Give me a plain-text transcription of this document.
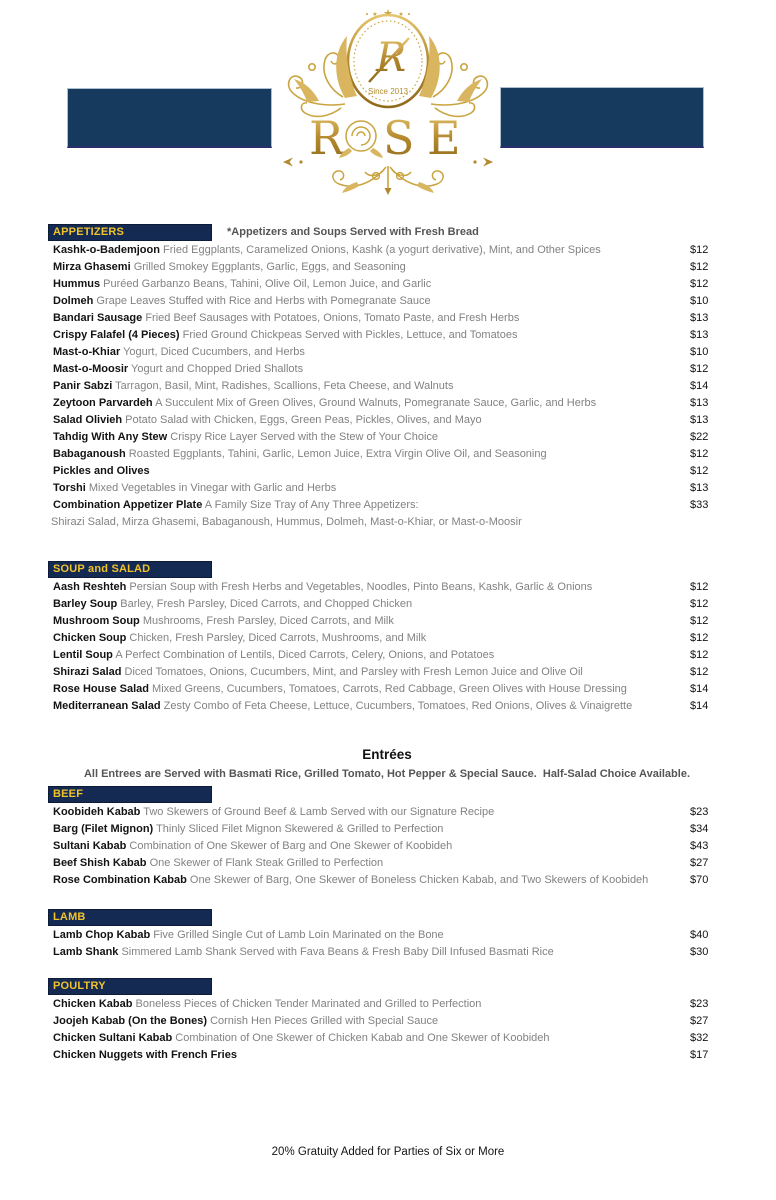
★
★	★
R
Since 2013
R S E
APPETIZERS	*Appetizers and Soups Served with Fresh Bread
Kashk-o-Bademjoon Fried Eggplants, Caramelized Onions, Kashk (a yogurt derivative), Mint, and Other Spices	$12
Mirza Ghasemi Grilled Smokey Eggplants, Garlic, Eggs, and Seasoning	$12
Hummus Puréed Garbanzo Beans, Tahini, Olive Oil, Lemon Juice, and Garlic	$12
Dolmeh Grape Leaves Stuffed with Rice and Herbs with Pomegranate Sauce	$10
Bandari Sausage Fried Beef Sausages with Potatoes, Onions, Tomato Paste, and Fresh Herbs	$13
Crispy Falafel (4 Pieces) Fried Ground Chickpeas Served with Pickles, Lettuce, and Tomatoes	$13
Mast-o-Khiar Yogurt, Diced Cucumbers, and Herbs	$10
Mast-o-Moosir Yogurt and Chopped Dried Shallots	$12
Panir Sabzi Tarragon, Basil, Mint, Radishes, Scallions, Feta Cheese, and Walnuts	$14
Zeytoon Parvardeh A Succulent Mix of Green Olives, Ground Walnuts, Pomegranate Sauce, Garlic, and Herbs	$13
Salad Olivieh Potato Salad with Chicken, Eggs, Green Peas, Pickles, Olives, and Mayo	$13
Tahdig With Any Stew Crispy Rice Layer Served with the Stew of Your Choice	$22
Babaganoush Roasted Eggplants, Tahini, Garlic, Lemon Juice, Extra Virgin Olive Oil, and Seasoning	$12
Pickles and Olives	$12
Torshi Mixed Vegetables in Vinegar with Garlic and Herbs	$13
Combination Appetizer Plate A Family Size Tray of Any Three Appetizers:	$33
Shirazi Salad, Mirza Ghasemi, Babaganoush, Hummus, Dolmeh, Mast-o-Khiar, or Mast-o-Moosir
SOUP and SALAD
Aash Reshteh Persian Soup with Fresh Herbs and Vegetables, Noodles, Pinto Beans, Kashk, Garlic & Onions	$12
Barley Soup Barley, Fresh Parsley, Diced Carrots, and Chopped Chicken	$12
Mushroom Soup Mushrooms, Fresh Parsley, Diced Carrots, and Milk	$12
Chicken Soup Chicken, Fresh Parsley, Diced Carrots, Mushrooms, and Milk	$12
Lentil Soup A Perfect Combination of Lentils, Diced Carrots, Celery, Onions, and Potatoes	$12
Shirazi Salad Diced Tomatoes, Onions, Cucumbers, Mint, and Parsley with Fresh Lemon Juice and Olive Oil	$12
Rose House Salad Mixed Greens, Cucumbers, Tomatoes, Carrots, Red Cabbage, Green Olives with House Dressing	$14
Mediterranean Salad Zesty Combo of Feta Cheese, Lettuce, Cucumbers, Tomatoes, Red Onions, Olives & Vinaigrette	$14
Entrées
All Entrees are Served with Basmati Rice, Grilled Tomato, Hot Pepper & Special Sauce.  Half-Salad Choice Available.
BEEF
Koobideh Kabab Two Skewers of Ground Beef & Lamb Served with our Signature Recipe	$23
Barg (Filet Mignon) Thinly Sliced Filet Mignon Skewered & Grilled to Perfection	$34
Sultani Kabab Combination of One Skewer of Barg and One Skewer of Koobideh	$43
Beef Shish Kabab One Skewer of Flank Steak Grilled to Perfection	$27
Rose Combination Kabab One Skewer of Barg, One Skewer of Boneless Chicken Kabab, and Two Skewers of Koobideh	$70
LAMB
Lamb Chop Kabab Five Grilled Single Cut of Lamb Loin Marinated on the Bone	$40
Lamb Shank Simmered Lamb Shank Served with Fava Beans & Fresh Baby Dill Infused Basmati Rice	$30
POULTRY
Chicken Kabab Boneless Pieces of Chicken Tender Marinated and Grilled to Perfection	$23
Joojeh Kabab (On the Bones) Cornish Hen Pieces Grilled with Special Sauce	$27
Chicken Sultani Kabab Combination of One Skewer of Chicken Kabab and One Skewer of Koobideh	$32
Chicken Nuggets with French Fries	$17
20% Gratuity Added for Parties of Six or More
